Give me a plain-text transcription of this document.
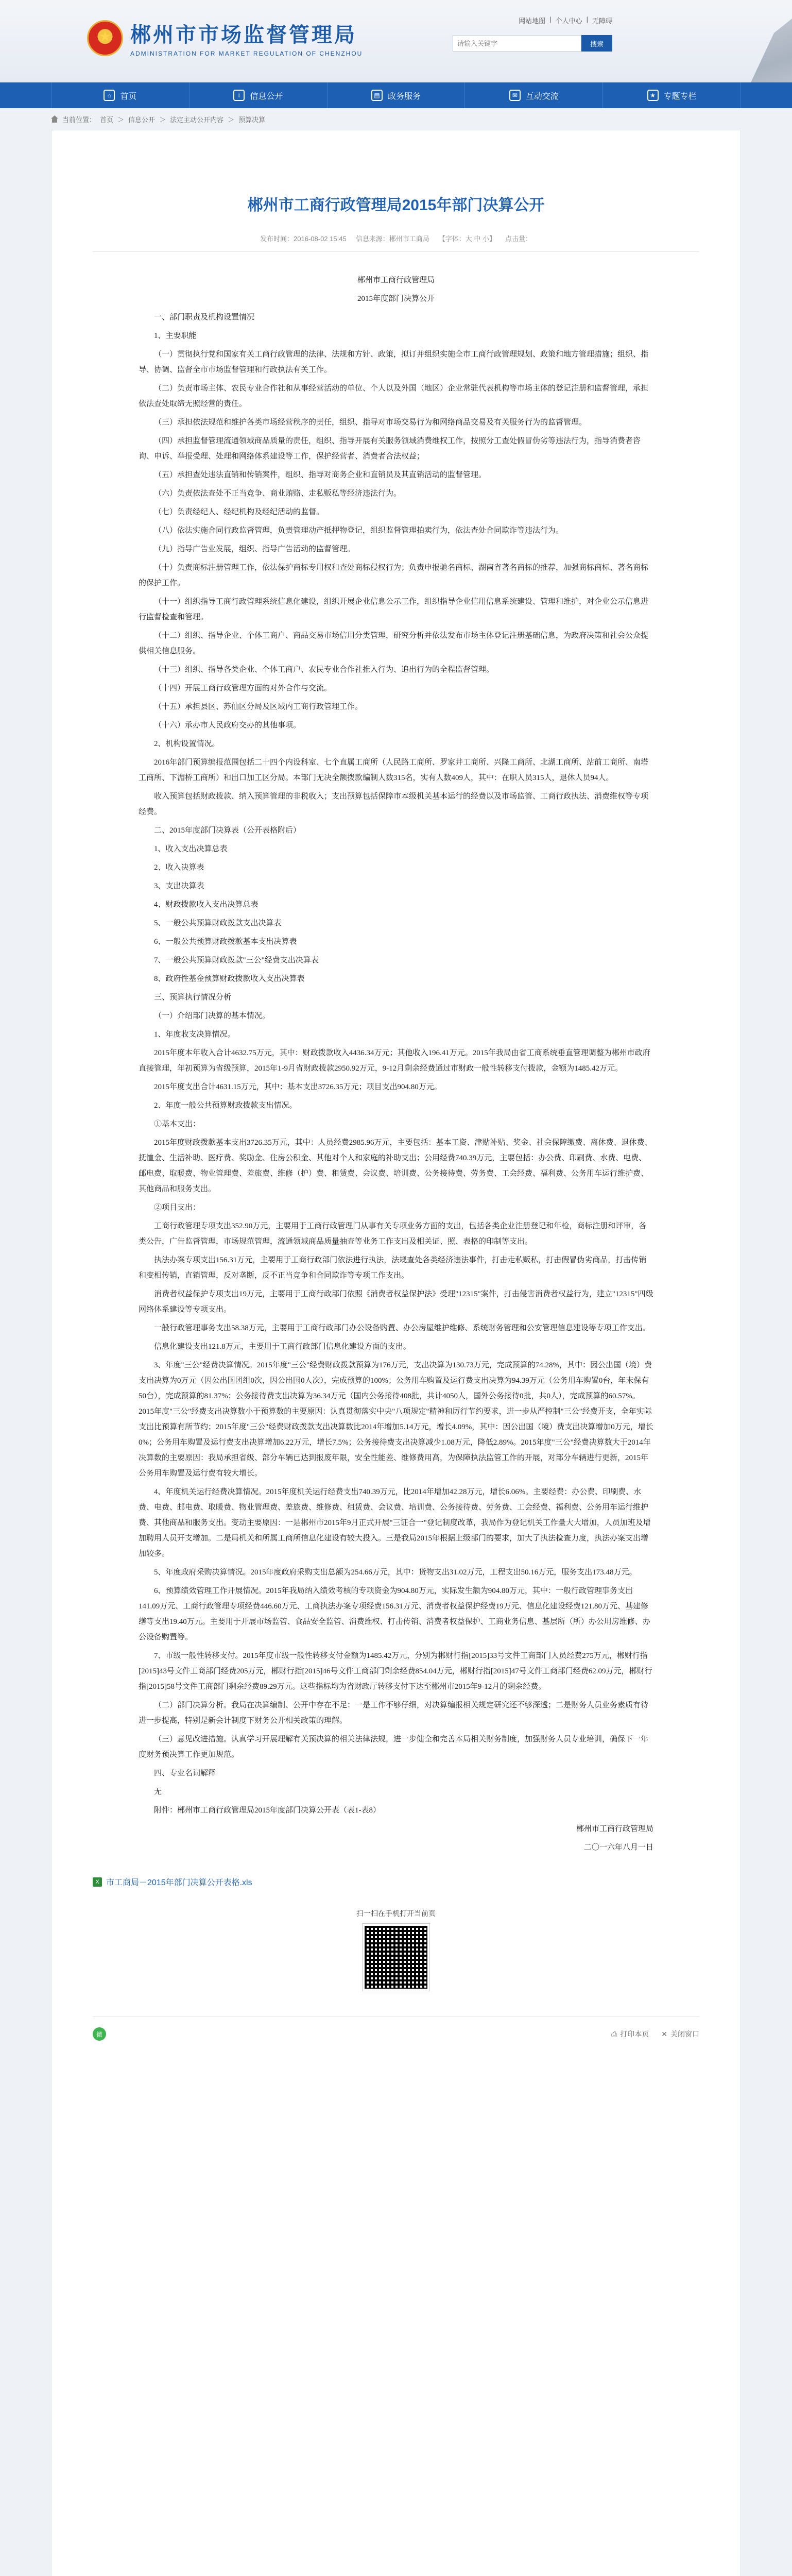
★
郴州市市场监督管理局
ADMINISTRATION FOR MARKET REGULATION OF CHENZHOU
网站地图 | 个人中心 | 无障碍
请输入关键字
搜索
⌂	首页	i	信息公开	▤ 政务服务	✉ 互动交流	★ 专题专栏
当前位置： 首页 ＞ 信息公开 ＞ 法定主动公开内容 ＞ 预算决算
郴州市工商行政管理局2015年部门决算公开
发布时间：2016-08-02 15:45 信息来源：郴州市工商局 【字体：大 中 小】 点击量：

郴州市工商行政管理局

2015年度部门决算公开

一、部门职责及机构设置情况

1、主要职能

（一）贯彻执行党和国家有关工商行政管理的法律、法规和方针、政策，拟订并组织实施全市工商行政管理规划、政策和地方管理措施；组织、指导、协调、监督全市市场监督管理和行政执法有关工作。

（二）负责市场主体、农民专业合作社和从事经营活动的单位、个人以及外国（地区）企业常驻代表机构等市场主体的登记注册和监督管理，承担依法查处取缔无照经营的责任。

（三）承担依法规范和维护各类市场经营秩序的责任，组织、指导对市场交易行为和网络商品交易及有关服务行为的监督管理。

（四）承担监督管理流通领域商品质量的责任，组织、指导开展有关服务领域消费维权工作，按照分工查处假冒伪劣等违法行为，指导消费者咨询、申诉、举报受理、处理和网络体系建设等工作，保护经营者、消费者合法权益；

（五）承担查处违法直销和传销案件，组织、指导对商务企业和直销员及其直销活动的监督管理。

（六）负责依法查处不正当竞争、商业贿赂、走私贩私等经济违法行为。

（七）负责经纪人、经纪机构及经纪活动的监督。

（八）依法实施合同行政监督管理，负责管理动产抵押物登记，组织监督管理拍卖行为，依法查处合同欺诈等违法行为。

（九）指导广告业发展，组织、指导广告活动的监督管理。

（十）负责商标注册管理工作，依法保护商标专用权和查处商标侵权行为；负责申报驰名商标、湖南省著名商标的推荐，加强商标商标、著名商标的保护工作。

（十一）组织指导工商行政管理系统信息化建设，组织开展企业信息公示工作，组织指导企业信用信息系统建设、管理和维护，对企业公示信息进行监督检查和管理。

（十二）组织、指导企业、个体工商户、商品交易市场信用分类管理，研究分析并依法发布市场主体登记注册基础信息，为政府决策和社会公众提供相关信息服务。

（十三）组织、指导各类企业、个体工商户、农民专业合作社推入行为、追出行为的全程监督管理。

（十四）开展工商行政管理方面的对外合作与交流。

（十五）承担县区、苏仙区分局及区域内工商行政管理工作。

（十六）承办市人民政府交办的其他事项。

2、机构设置情况。

2016年部门预算编报范围包括二十四个内设科室、七个直属工商所（人民路工商所、罗家井工商所、兴隆工商所、北湖工商所、站前工商所、南塔工商所、下湄桥工商所）和出口加工区分局。本部门无决全额拨款编制人数315名，实有人数409人，其中：在职人员315人，退休人员94人。

收入预算包括财政拨款、纳入预算管理的非税收入；支出预算包括保障市本级机关基本运行的经费以及市场监管、工商行政执法、消费维权等专项经费。

二、2015年度部门决算表（公开表格附后）

1、收入支出决算总表

2、收入决算表

3、支出决算表

4、财政拨款收入支出决算总表

5、一般公共预算财政拨款支出决算表

6、一般公共预算财政拨款基本支出决算表

7、一般公共预算财政拨款"三公"经费支出决算表

8、政府性基金预算财政拨款收入支出决算表

三、预算执行情况分析

（一）介绍部门决算的基本情况。

1、年度收支决算情况。

2015年度本年收入合计4632.75万元，其中：财政拨款收入4436.34万元；其他收入196.41万元。2015年我局由省工商系统垂直管理调整为郴州市政府直接管理，年初预算为省级预算，2015年1-9月省财政拨款2950.92万元，9-12月剩余经费通过市财政一般性转移支付拨款，金额为1485.42万元。

2015年度支出合计4631.15万元，其中：基本支出3726.35万元；项目支出904.80万元。

2、年度一般公共预算财政拨款支出情况。

①基本支出：

2015年度财政拨款基本支出3726.35万元，其中：人员经费2985.96万元，主要包括：基本工资、津贴补贴、奖金、社会保障缴费、离休费、退休费、抚恤金、生活补助、医疗费、奖励金、住房公积金、其他对个人和家庭的补助支出；公用经费740.39万元，主要包括：办公费、印刷费、水费、电费、邮电费、取暖费、物业管理费、差旅费、维修（护）费、租赁费、会议费、培训费、公务接待费、劳务费、工会经费、福利费、公务用车运行维护费、其他商品和服务支出。

②项目支出：

工商行政管理专项支出352.90万元，主要用于工商行政管理门从事有关专项业务方面的支出，包括各类企业注册登记和年检，商标注册和评审，各类公告，广告监督管理，市场规范管理，流通领域商品质量抽查等业务工作支出及相关证、照、表格的印制等支出。

执法办案专项支出156.31万元，主要用于工商行政部门依法进行执法，法规查处各类经济违法事件，打击走私贩私，打击假冒伪劣商品，打击传销和变相传销，直销管理，反对垄断，反不正当竞争和合同欺诈等专项工作支出。

消费者权益保护专项支出19万元，主要用于工商行政部门依照《消费者权益保护法》受理"12315"案件，打击侵害消费者权益行为，建立"12315"四级网络体系建设等专项支出。

一般行政管理事务支出58.38万元，主要用于工商行政部门办公设备购置、办公房屋维护维修、系统财务管理和公安管理信息建设等专项工作支出。

信息化建设支出121.8万元，主要用于工商行政部门信息化建设方面的支出。

3、年度"三公"经费决算情况。2015年度"三公"经费财政拨款预算为176万元，支出决算为130.73万元，完成预算的74.28%，其中：因公出国（境）费支出决算为0万元（因公出国团组0次，因公出国0人次），完成预算的100%；公务用车购置及运行费支出决算为94.39万元（公务用车购置0台，年末保有50台），完成预算的81.37%；公务接待费支出决算为36.34万元（国内公务接待408批，共计4050人，国外公务接待0批，共0人），完成预算的60.57%。2015年度"三公"经费支出决算数小于预算数的主要原因：认真贯彻落实中央"八项规定"精神和厉行节约要求，进一步从严控制"三公"经费开支，全年实际支出比预算有所节约；2015年度"三公"经费财政拨款支出决算数比2014年增加5.14万元，增长4.09%，其中：因公出国（境）费支出决算增加0万元，增长0%；公务用车购置及运行费支出决算增加6.22万元，增长7.5%；公务接待费支出决算减少1.08万元，降低2.89%。2015年度"三公"经费决算数大于2014年决算数的主要原因：我局承担省级、部分车辆已达到报废年限，安全性能差、维修费用高，为保障执法监管工作的开展，对部分车辆进行更新，2015年公务用车购置及运行费有较大增长。

4、年度机关运行经费决算情况。2015年度机关运行经费支出740.39万元，比2014年增加42.28万元，增长6.06%。主要经费：办公费、印刷费、水费、电费、邮电费、取暖费、物业管理费、差旅费、维修费、租赁费、会议费、培训费、公务接待费、劳务费、工会经费、福利费、公务用车运行维护费、其他商品和服务支出。变动主要原因：一是郴州市2015年9月正式开展"三证合一"登记制度改革，我局作为登记机关工作量大大增加，人员加班及增加聘用人员开支增加。二是局机关和所属工商所信息化建设有较大投入。三是我局2015年根据上级部门的要求，加大了执法检查力度，执法办案支出增加较多。

5、年度政府采购决算情况。2015年度政府采购支出总额为254.66万元，其中：货物支出31.02万元，工程支出50.16万元，服务支出173.48万元。

6、预算绩效管理工作开展情况。2015年我局纳入绩效考核的专项资金为904.80万元，实际发生额为904.80万元，其中：一般行政管理事务支出141.09万元、工商行政管理专项经费446.60万元、工商执法办案专项经费156.31万元、消费者权益保护经费19万元、信息化建设经费121.80万元、基建修缮等支出19.40万元。主要用于开展市场监管、食品安全监管、消费维权、打击传销、消费者权益保护、工商业务信息、基层所（所）办公用房维修、办公设备购置等。

7、市级一般性转移支付。2015年度市级一般性转移支付金额为1485.42万元，分别为郴财行指[2015]33号文件工商部门人员经费275万元，郴财行指[2015]43号文件工商部门经费205万元，郴财行指[2015]46号文件工商部门剩余经费854.04万元，郴财行指[2015]47号文件工商部门经费62.09万元，郴财行指[2015]58号文件工商部门剩余经费89.29万元。这些指标均为省财政厅转移支付下达至郴州市2015年9-12月的剩余经费。

（二）部门决算分析。我局在决算编制、公开中存在不足：一是工作不够仔细，对决算编报相关规定研究还不够深透；二是财务人员业务素质有待进一步提高，特别是新会计制度下财务公开相关政策的理解。

（三）意见改进措施。认真学习开展理解有关预决算的相关法律法规，进一步健全和完善本局相关财务制度，加强财务人员专业培训，确保下一年度财务预决算工作更加规范。

四、专业名词解释

无

附件：郴州市工商行政管理局2015年度部门决算公开表（表1-表8）

郴州市工商行政管理局

二〇一六年八月一日

X 市工商局－2015年部门决算公开表格.xls
扫一扫在手机打开当前页
微	⎙ 打印本页 ✕ 关闭窗口
